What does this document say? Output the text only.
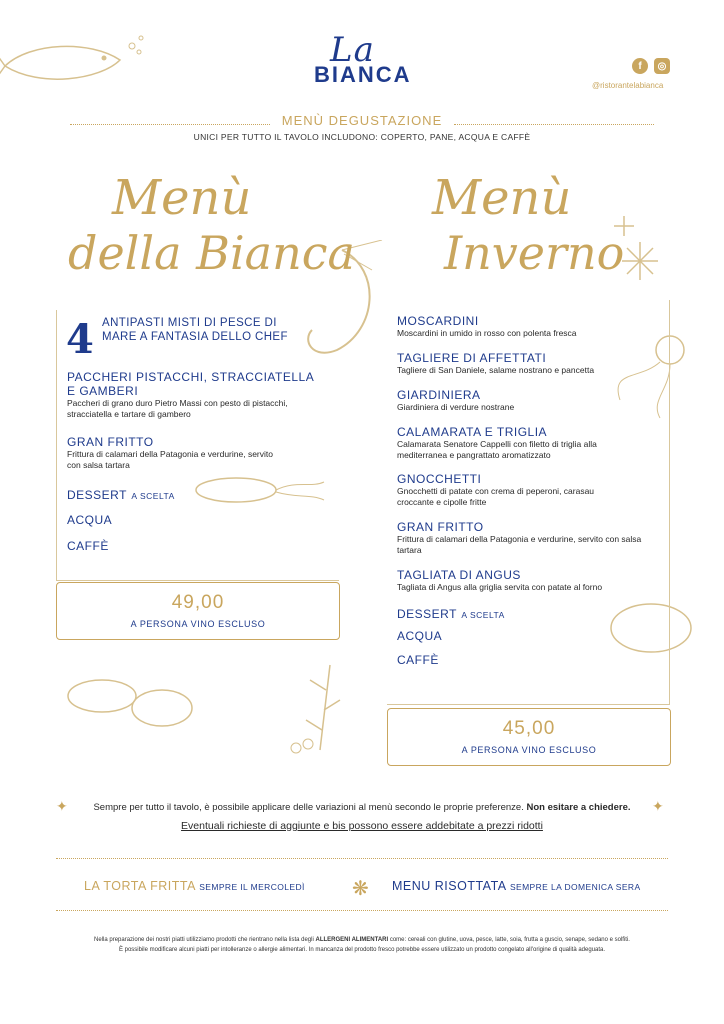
La
BIANCA	f	◎
@ristorantelabianca
MENÙ DEGUSTAZIONE
UNICI PER TUTTO IL TAVOLO INCLUDONO: COPERTO, PANE, ACQUA E CAFFÈ
Menù
della Bianca
Menù
Inverno
4 ANTIPASTI MISTI DI PESCE DI MARE A FANTASIA DELLO CHEF
PACCHERI PISTACCHI, STRACCIATELLA E GAMBERI
Paccheri di grano duro Pietro Massi con pesto di pistacchi, stracciatella e tartare di gambero
GRAN FRITTO
Frittura di calamari della Patagonia e verdurine, servito con salsa tartara
DESSERT A SCELTA
ACQUA
CAFFÈ
49,00
A PERSONA VINO ESCLUSO
MOSCARDINI
Moscardini in umido in rosso con polenta fresca
TAGLIERE DI AFFETTATI
Tagliere di San Daniele, salame nostrano e pancetta
GIARDINIERA
Giardiniera di verdure nostrane
CALAMARATA E TRIGLIA
Calamarata Senatore Cappelli con filetto di triglia alla mediterranea e pangrattato aromatizzato
GNOCCHETTI
Gnocchetti di patate con crema di peperoni, carasau croccante e cipolle fritte
GRAN FRITTO
Frittura di calamari della Patagonia e verdurine, servito con salsa tartara
TAGLIATA DI ANGUS
Tagliata di Angus alla griglia servita con patate al forno
DESSERT A SCELTA
ACQUA
CAFFÈ
45,00
A PERSONA VINO ESCLUSO
✦	✦
Sempre per tutto il tavolo, è possibile applicare delle variazioni al menù secondo le proprie preferenze. Non esitare a chiedere.
Eventuali richieste di aggiunte e bis possono essere addebitate a prezzi ridotti
LA TORTA FRITTA SEMPRE IL MERCOLEDÌ ❋ MENU RISOTTATA SEMPRE LA DOMENICA SERA
Nella preparazione dei nostri piatti utilizziamo prodotti che rientrano nella lista degli ALLERGENI ALIMENTARI come: cereali con glutine, uova, pesce, latte, soia, frutta a guscio, senape, sedano e solfiti.
È possibile modificare alcuni piatti per intolleranze o allergie alimentari. In mancanza del prodotto fresco potrebbe essere utilizzato un prodotto congelato all'origine di qualità adeguata.
